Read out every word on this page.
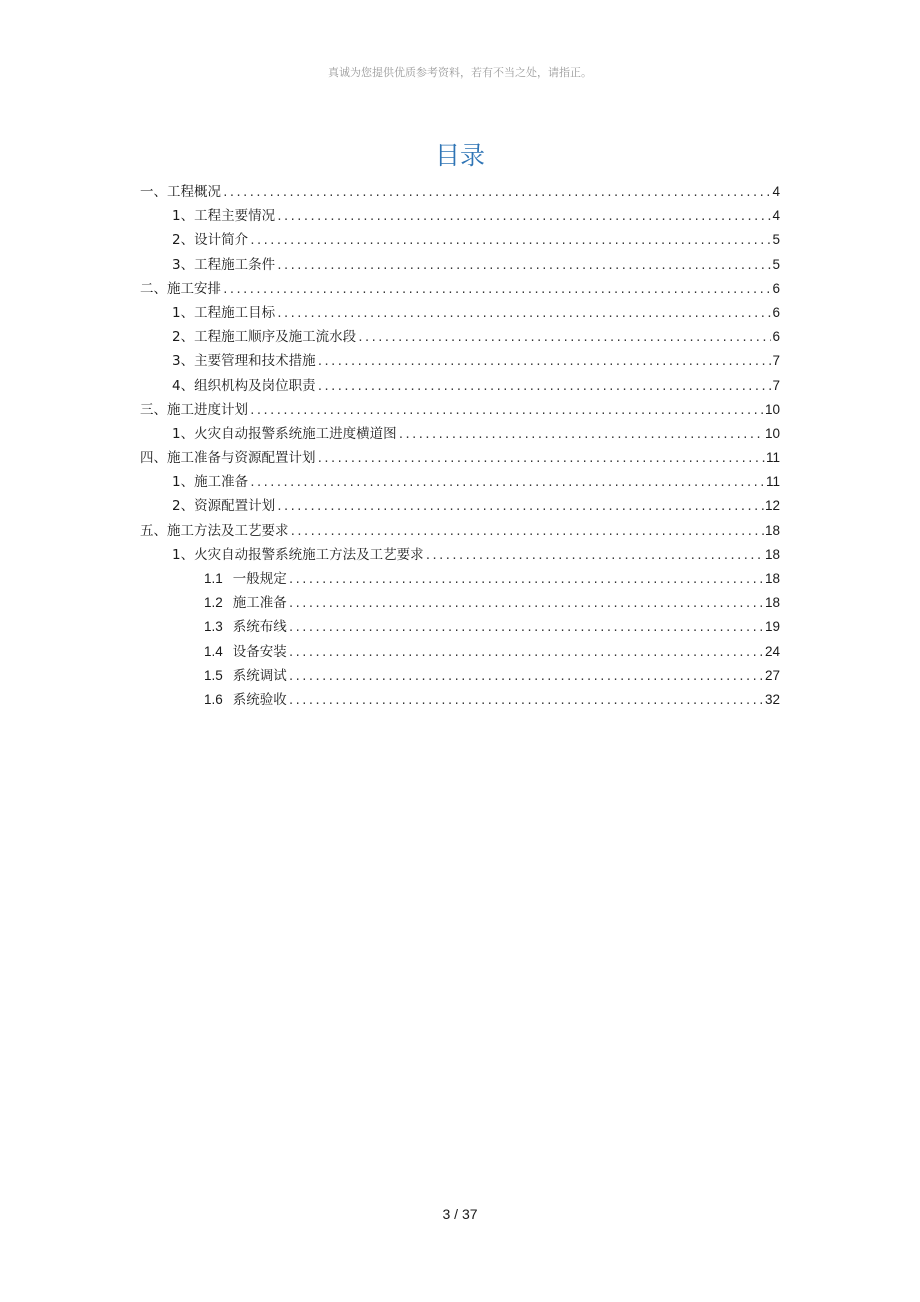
真诚为您提供优质参考资料，若有不当之处，请指正。
目录
一、工程概况 .....	4
1、工程主要情况 .....	4
2、设计简介 .....	5
3、工程施工条件 .....	5
二、施工安排 .....	6
1、工程施工目标 .....	6
2、工程施工顺序及施工流水段 .....	6
3、主要管理和技术措施 .....	7
4、组织机构及岗位职责 .....	7
三、施工进度计划 .....	10
1、火灾自动报警系统施工进度横道图 .....	10
四、施工准备与资源配置计划 .....	11
1、施工准备 .....	11
2、资源配置计划 .....	12
五、施工方法及工艺要求 .....	18
1、火灾自动报警系统施工方法及工艺要求 .....	18
1.1 一般规定 .....	18
1.2 施工准备 .....	18
1.3 系统布线 .....	19
1.4 设备安装 .....	24
1.5 系统调试 .....	27
1.6 系统验收 .....	32
3 / 37
